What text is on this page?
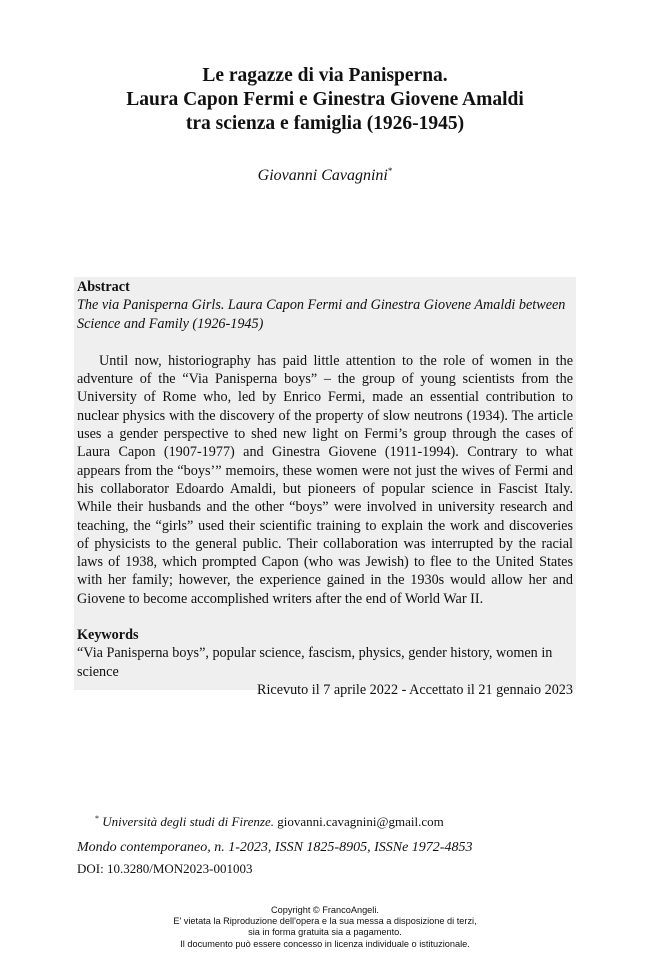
Le ragazze di via Panisperna.
Laura Capon Fermi e Ginestra Giovene Amaldi
tra scienza e famiglia (1926-1945)
Giovanni Cavagnini*
Abstract
The via Panisperna Girls. Laura Capon Fermi and Ginestra Giovene Amaldi between Science and Family (1926-1945)
Until now, historiography has paid little attention to the role of women in the adventure of the “Via Panisperna boys” – the group of young scientists from the University of Rome who, led by Enrico Fermi, made an essential contribution to nuclear physics with the discovery of the property of slow neutrons (1934). The article uses a gender perspective to shed new light on Fermi’s group through the cases of Laura Capon (1907-1977) and Ginestra Giovene (1911-1994). Contrary to what appears from the “boys’” memoirs, these women were not just the wives of Fermi and his collaborator Edoardo Amaldi, but pioneers of popular science in Fascist Italy. While their husbands and the other “boys” were involved in university research and teaching, the “girls” used their scientific training to explain the work and discoveries of physicists to the general public. Their collaboration was interrupted by the racial laws of 1938, which prompted Capon (who was Jewish) to flee to the United States with her family; however, the experience gained in the 1930s would allow her and Giovene to become accomplished writers after the end of World War II.
Keywords
“Via Panisperna boys”, popular science, fascism, physics, gender history, women in science
Ricevuto il 7 aprile 2022 - Accettato il 21 gennaio 2023
* Università degli studi di Firenze. giovanni.cavagnini@gmail.com
Mondo contemporaneo, n. 1-2023, ISSN 1825-8905, ISSNe 1972-4853
DOI: 10.3280/MON2023-001003
Copyright © FrancoAngeli.
E' vietata la Riproduzione dell'opera e la sua messa a disposizione di terzi,
sia in forma gratuita sia a pagamento.
Il documento può essere concesso in licenza individuale o istituzionale.
